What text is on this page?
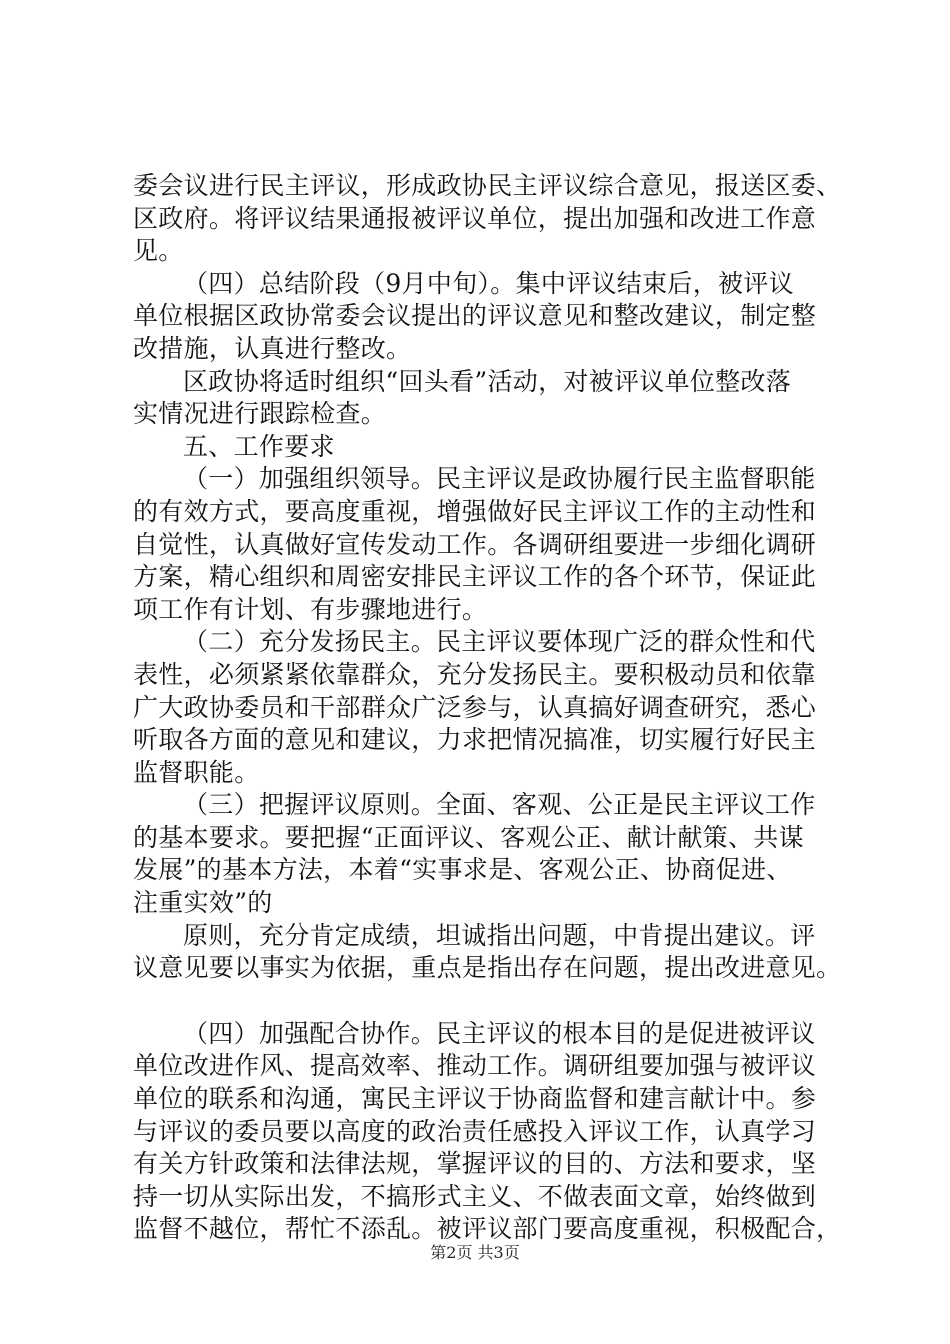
委会议进行民主评议，形成政协民主评议综合意见，报送区委、
区政府。将评议结果通报被评议单位，提出加强和改进工作意
见。
（四）总结阶段（9月中旬）。集中评议结束后，被评议
单位根据区政协常委会议提出的评议意见和整改建议，制定整
改措施，认真进行整改。
区政协将适时组织“回头看”活动，对被评议单位整改落
实情况进行跟踪检查。
五、工作要求
（一）加强组织领导。民主评议是政协履行民主监督职能
的有效方式，要高度重视，增强做好民主评议工作的主动性和
自觉性，认真做好宣传发动工作。各调研组要进一步细化调研
方案，精心组织和周密安排民主评议工作的各个环节，保证此
项工作有计划、有步骤地进行。
（二）充分发扬民主。民主评议要体现广泛的群众性和代
表性，必须紧紧依靠群众，充分发扬民主。要积极动员和依靠
广大政协委员和干部群众广泛参与，认真搞好调查研究，悉心
听取各方面的意见和建议，力求把情况搞准，切实履行好民主
监督职能。
（三）把握评议原则。全面、客观、公正是民主评议工作
的基本要求。要把握“正面评议、客观公正、献计献策、共谋
发展”的基本方法，本着“实事求是、客观公正、协商促进、
注重实效”的
原则，充分肯定成绩，坦诚指出问题，中肯提出建议。评
议意见要以事实为依据，重点是指出存在问题，提出改进意见。
（四）加强配合协作。民主评议的根本目的是促进被评议
单位改进作风、提高效率、推动工作。调研组要加强与被评议
单位的联系和沟通，寓民主评议于协商监督和建言献计中。参
与评议的委员要以高度的政治责任感投入评议工作，认真学习
有关方针政策和法律法规，掌握评议的目的、方法和要求，坚
持一切从实际出发，不搞形式主义、不做表面文章，始终做到
监督不越位，帮忙不添乱。被评议部门要高度重视，积极配合，
第2页 共3页
